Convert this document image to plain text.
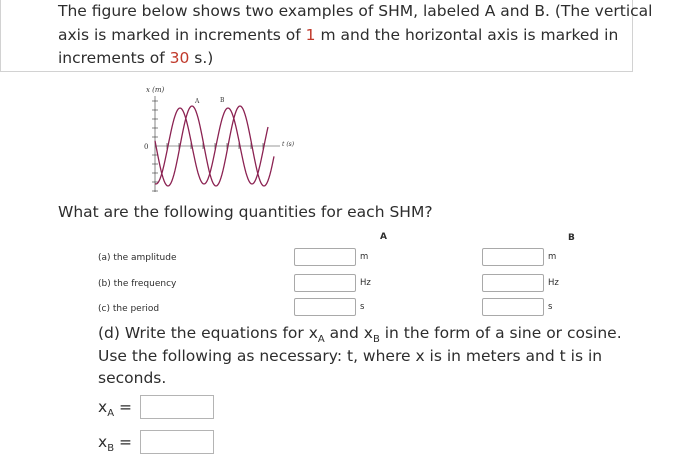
The figure below shows two examples of SHM, labeled A and B. (The vertical
axis is marked in increments of 1 m and the horizontal axis is marked in
increments of 30 s.)
x (m)
0	t (s)
A	B
What are the following quantities for each SHM?
A	B
(a) the amplitude	m	m
(b) the frequency	Hz	Hz
(c) the period	s	s
(d) Write the equations for $x_A$ and $x_B$ in the form of a sine or cosine.
Use the following as necessary: t, where x is in meters and t is in
seconds.
$x_A$ =
$x_B$ =
